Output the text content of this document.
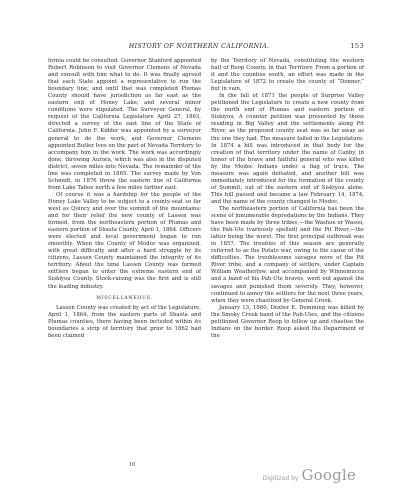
HISTORY OF NORTHERN CALIFORNIA.	153

fornia could be consulted. Governor Stanford appointed Robert Robinson to visit Governor Clemens of Nevada and consult with him what to do. It was finally agreed that each State appoint a representative to run the boundary line; and until that was completed Plumas County should have jurisdiction as far east as the eastern end of Honey Lake; and several minor conditions were stipulated. The Surveyor General, by request of the California Legislature April 27, 1863, directed a survey of the east line of the State of California. John F. Kidder was appointed by a surveyor general to do the work, and Governor Clemens appointed Butler Ives on the part of Nevada Territory to accompany him in the work. The work was accordingly done, throwing Aurora, which was also in the disputed district, seven miles into Nevada. The remainder of the line was completed in 1865. The survey made by Von Schmidt, in 1876 threw the eastern line of California from Lake Tahoe north a few miles farther east.

Of course it was a hardship for the people of the Honey Lake Valley to be subject to a county-seat so far west as Quincy and over the summit of the mountains; and for their relief the new county of Lassen was formed, from the northeastern portion of Plumas and eastern portion of Shasta County, April 1, 1864. Officers were elected and local government began to run smoothly. When the County of Modoc was organized, with great difficulty and after a hard struggle by its citizens, Lassen County maintained the integrity of its territory. About the time Lassen County was formed settlers began to enter the extreme eastern end of Siskiyou County. Stock-raising was the first and is still the leading industry.

MISCELLANEOUS.

Lassen County was created by act of the Legislature, April 1, 1864, from the eastern parts of Shasta and Plumas counties, there having been included within its boundaries a strip of territory that prior to 1862 had been claimed

by the Territory of Nevada, constituting the western half of Roop County, in that Territory. From a portion of it and the counties south, an effort was made in the Legislature of 1872 to create the county of “Donner,” but in vain.

In the fall of 1871 the people of Surprise Valley petitioned the Legislature to create a new county from the north end of Plumas and eastern portion of Siskiyou. A counter petition was presented by those residing in Big Valley and the settlements along Pit River, as the proposed county seat was so far away as the one they had. The measure failed in the Legislature. In 1874 a bill was introduced in that body for the creation of that territory under the name of Canby, in honor of the brave and faithful general who was killed by the Modoc Indians under a flag of truce. The measure was again defeated, and another bill was immediately introduced for the formation of the county of Summit, out of the eastern end of Siskiyou alone. This bill passed and became a law February 14, 1874, and the name of the county changed to Modoc.

The northeastern portion of California has been the scene of innumerable depredations by the Indians. They have been made by three tribes,—the Washoe or Wasoo, the Pah-Ute (variously spelled) and the Pit River,—the latter being the worst. The first principal outbreak was in 1857. The troubles of this season are generally referred to as the Potato war, owing to the cause of the difficulties. The troublesome savages were of the Pit River tribe, and a company of settlers, under Captain William Weatherlow, and accompanied by Winnemucca and a band of his Pah-Ute braves, went out against the savages and punished them severely. They, however, continued to annoy the settlers for the next three years, when they were chastised by General Crook.

January 13, 1860, Dexter E. Demming was killed by the Smoky Creek band of the Pah-Utes, and the citizens petitioned Governor Roop to follow up and chastise the Indians on the border. Roop asked the Department of the

10
Digitized by Google
